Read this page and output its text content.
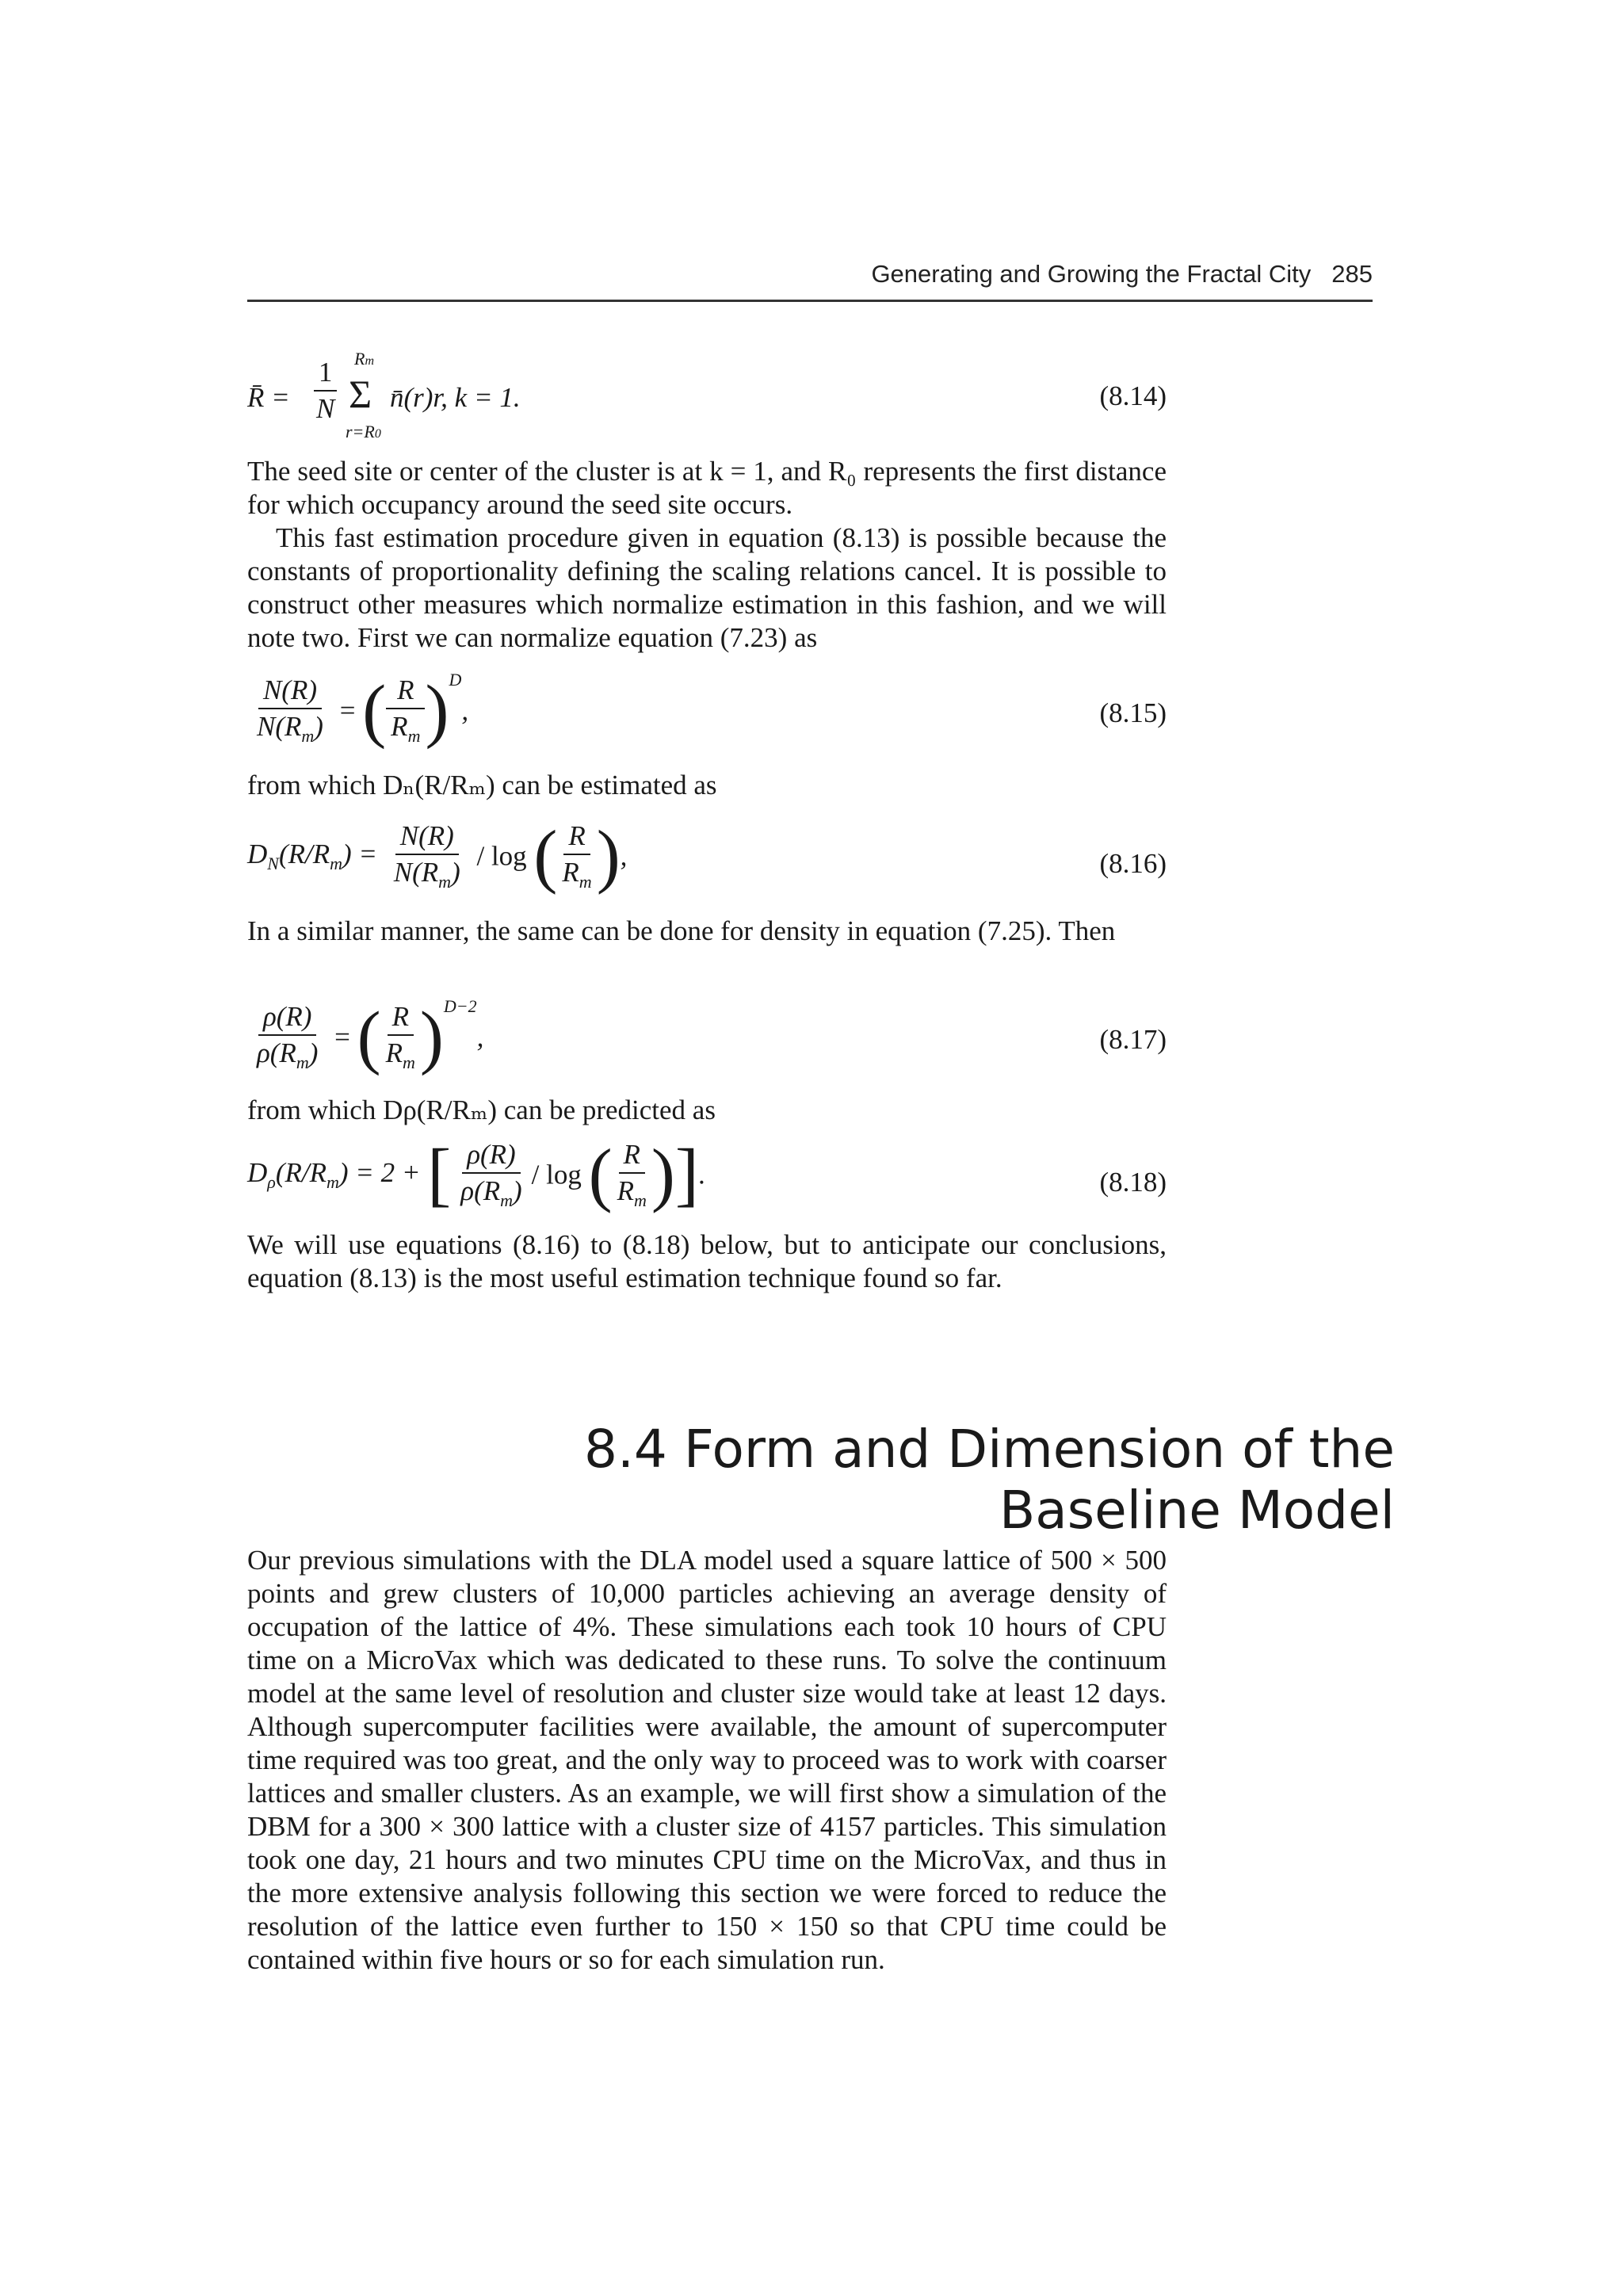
Generating and Growing the Fractal City 285
R̄ = $\frac{1}{N}$ Rm
Σ
r=R0
n̄(r)r, k = 1.	(8.14)
The seed site or center of the cluster is at k = 1, and R₀ represents the first distance for which occupancy around the seed site occurs.
This fast estimation procedure given in equation (8.13) is possible because the constants of proportionality defining the scaling relations cancel. It is possible to construct other measures which normalize estimation in this fashion, and we will note two. First we can normalize equation (7.23) as
$\frac{N(R)}{N(R_m)}$ = ( $\frac{R}{R_m} )^D$,	(8.15)
from which Dₙ(R/Rₘ) can be estimated as
$D_N(R/R_m) = \frac{N(R)}{N(R_m)} / \log$ ( $\frac{R}{R_m}$ ),	(8.16)
In a similar manner, the same can be done for density in equation (7.25). Then
$\frac{\rho(R)}{\rho(R_m)}$ = ( $\frac{R}{R_m} )^{D-2}$,	(8.17)
from which Dρ(R/Rₘ) can be predicted as
$D_\rho(R/R_m) = 2$ + [ $\frac{\rho(R)}{\rho(R_m)}$ / log ( $\frac{R}{R_m}$ )].	(8.18)
We will use equations (8.16) to (8.18) below, but to anticipate our conclusions, equation (8.13) is the most useful estimation technique found so far.
8.4 Form and Dimension of the Baseline Model
Our previous simulations with the DLA model used a square lattice of 500 × 500 points and grew clusters of 10,000 particles achieving an average density of occupation of the lattice of 4%. These simulations each took 10 hours of CPU time on a MicroVax which was dedicated to these runs. To solve the continuum model at the same level of resolution and cluster size would take at least 12 days. Although supercomputer facilities were available, the amount of supercomputer time required was too great, and the only way to proceed was to work with coarser lattices and smaller clusters. As an example, we will first show a simulation of the DBM for a 300 × 300 lattice with a cluster size of 4157 particles. This simulation took one day, 21 hours and two minutes CPU time on the MicroVax, and thus in the more extensive analysis following this section we were forced to reduce the resolution of the lattice even further to 150 × 150 so that CPU time could be contained within five hours or so for each simulation run.
